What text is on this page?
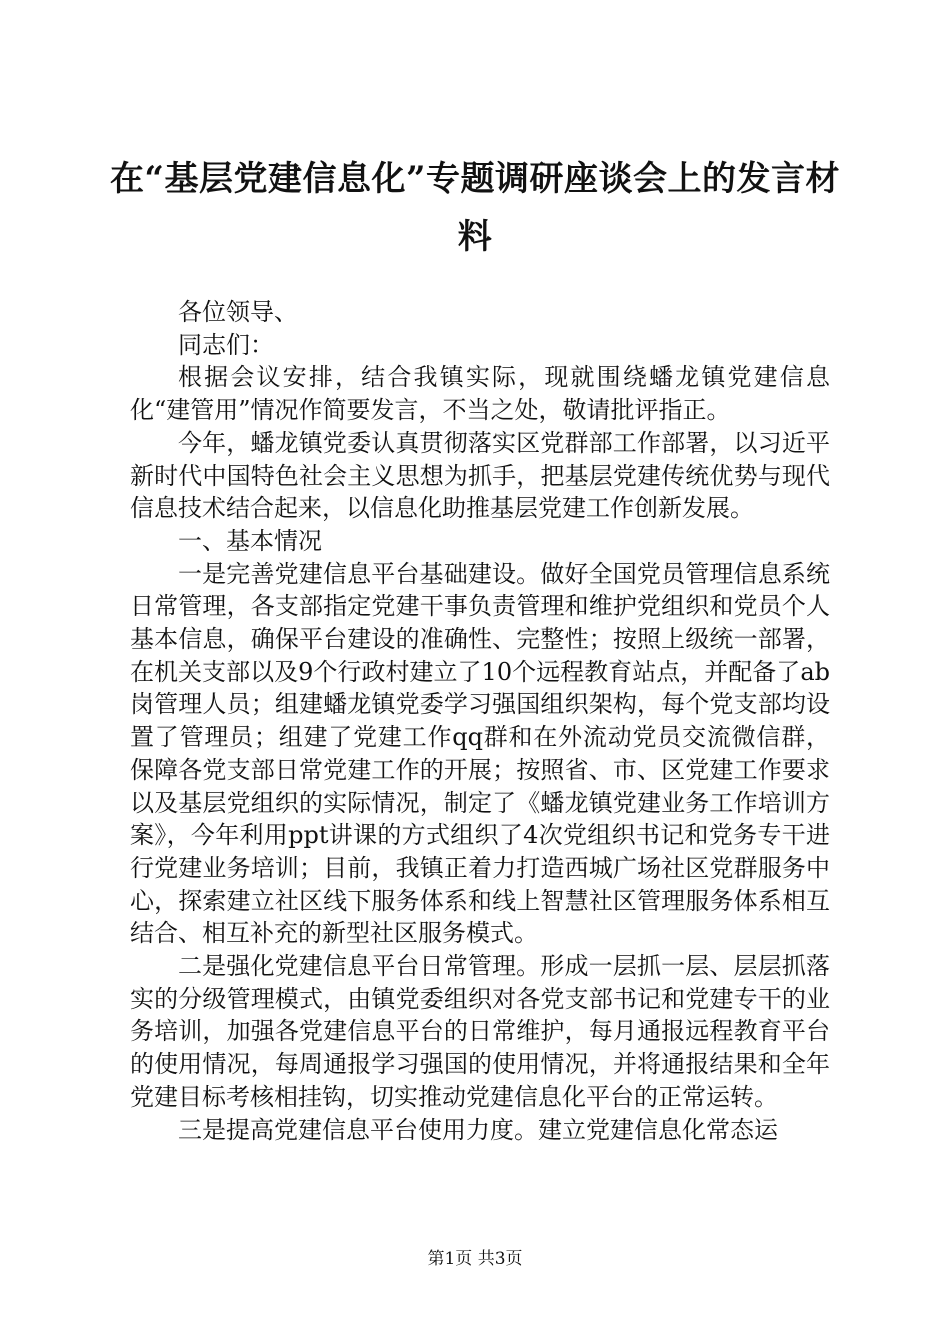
在“基层党建信息化”专题调研座谈会上的发言材料

各位领导、

同志们：

根据会议安排，结合我镇实际，现就围绕蟠龙镇党建信息化“建管用”情况作简要发言，不当之处，敬请批评指正。

今年，蟠龙镇党委认真贯彻落实区党群部工作部署，以习近平新时代中国特色社会主义思想为抓手，把基层党建传统优势与现代信息技术结合起来，以信息化助推基层党建工作创新发展。

一、基本情况

一是完善党建信息平台基础建设。做好全国党员管理信息系统日常管理，各支部指定党建干事负责管理和维护党组织和党员个人基本信息，确保平台建设的准确性、完整性；按照上级统一部署，在机关支部以及9个行政村建立了10个远程教育站点，并配备了ab岗管理人员；组建蟠龙镇党委学习强国组织架构，每个党支部均设置了管理员；组建了党建工作qq群和在外流动党员交流微信群，保障各党支部日常党建工作的开展；按照省、市、区党建工作要求以及基层党组织的实际情况，制定了《蟠龙镇党建业务工作培训方案》，今年利用ppt讲课的方式组织了4次党组织书记和党务专干进行党建业务培训；目前，我镇正着力打造西城广场社区党群服务中心，探索建立社区线下服务体系和线上智慧社区管理服务体系相互结合、相互补充的新型社区服务模式。

二是强化党建信息平台日常管理。形成一层抓一层、层层抓落实的分级管理模式，由镇党委组织对各党支部书记和党建专干的业务培训，加强各党建信息平台的日常维护，每月通报远程教育平台的使用情况，每周通报学习强国的使用情况，并将通报结果和全年党建目标考核相挂钩，切实推动党建信息化平台的正常运转。

三是提高党建信息平台使用力度。建立党建信息化常态运

第1页 共3页
